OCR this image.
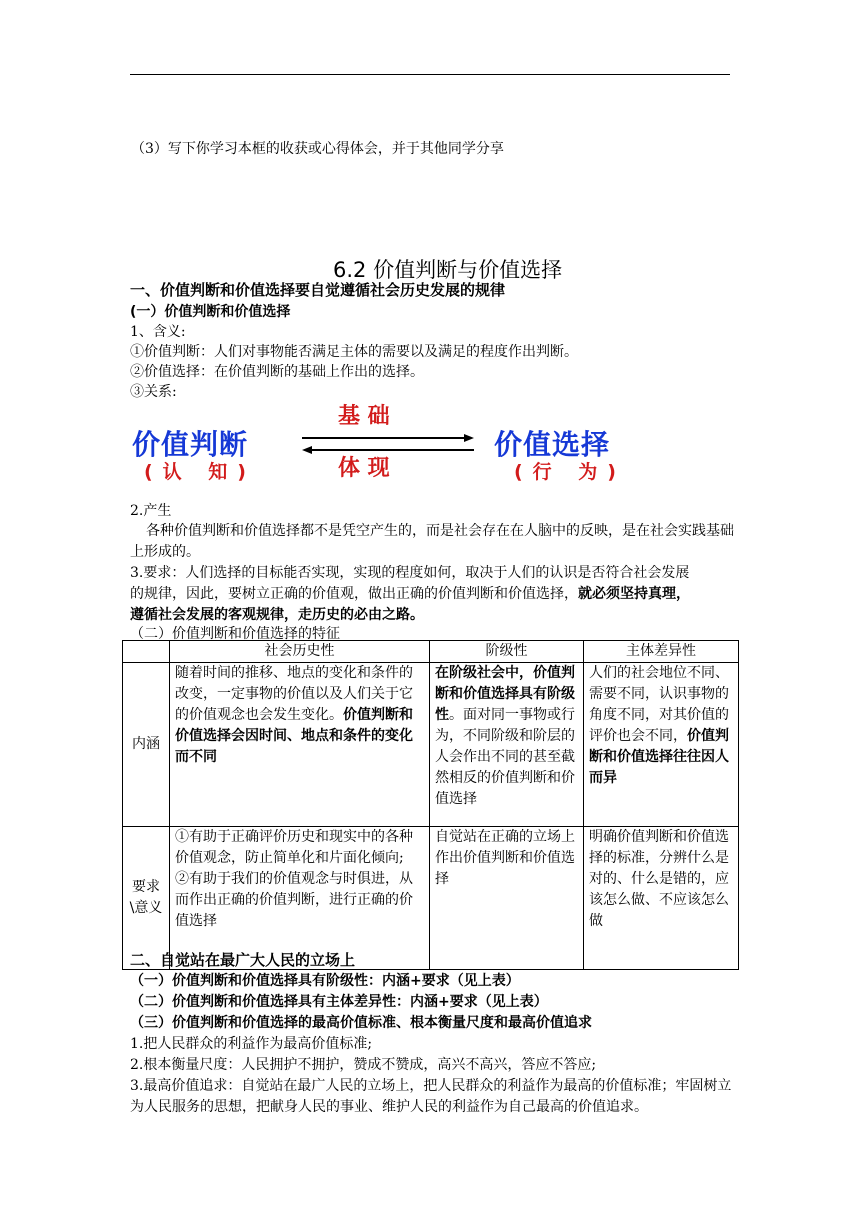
（3）写下你学习本框的收获或心得体会，并于其他同学分享
6.2 价值判断与价值选择
一、价值判断和价值选择要自觉遵循社会历史发展的规律
(一）价值判断和价值选择
1、含义:
①价值判断：人们对事物能否满足主体的需要以及满足的程度作出判断。
②价值选择：在价值判断的基础上作出的选择。
③关系:
价值判断
(认 知)
价值选择
(行 为)
基 础
体 现
2.产生
各种价值判断和价值选择都不是凭空产生的，而是社会存在在人脑中的反映，是在社会实践基础上形成的。
3.要求：人们选择的目标能否实现，实现的程度如何，取决于人们的认识是否符合社会发展
的规律，因此，要树立正确的价值观，做出正确的价值判断和价值选择，就必须坚持真理，
遵循社会发展的客观规律，走历史的必由之路。
（二）价值判断和价值选择的特征
	社会历史性	阶级性	主体差异性
内涵	随着时间的推移、地点的变化和条件的改变，一定事物的价值以及人们关于它的价值观念也会发生变化。价值判断和价值选择会因时间、地点和条件的变化而不同	在阶级社会中，价值判断和价值选择具有阶级性。面对同一事物或行为，不同阶级和阶层的人会作出不同的甚至截然相反的价值判断和价值选择	人们的社会地位不同、需要不同，认识事物的角度不同，对其价值的评价也会不同，价值判断和价值选择往往因人而异
要求\意义	①有助于正确评价历史和现实中的各种价值观念，防止简单化和片面化倾向;
②有助于我们的价值观念与时俱进，从而作出正确的价值判断，进行正确的价值选择	自觉站在正确的立场上作出价值判断和价值选择	明确价值判断和价值选择的标准，分辨什么是对的、什么是错的，应该怎么做、不应该怎么做
二、自觉站在最广大人民的立场上
（一）价值判断和价值选择具有阶级性：内涵+要求（见上表）
（二）价值判断和价值选择具有主体差异性：内涵+要求（见上表）
（三）价值判断和价值选择的最高价值标准、根本衡量尺度和最高价值追求
1.把人民群众的利益作为最高价值标准;
2.根本衡量尺度：人民拥护不拥护，赞成不赞成，高兴不高兴，答应不答应;
3.最高价值追求：自觉站在最广人民的立场上，把人民群众的利益作为最高的价值标准；牢固树立为人民服务的思想，把献身人民的事业、维护人民的利益作为自己最高的价值追求。
